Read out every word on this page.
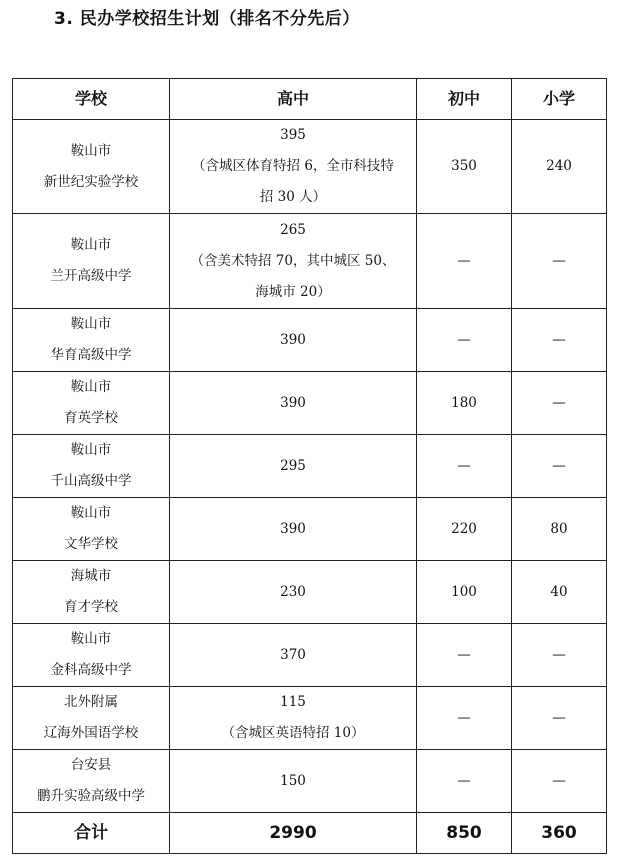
3. 民办学校招生计划（排名不分先后）
学校	高中	初中	小学

鞍山市
新世纪实验学校	395
（含城区体育特招 6，全市科技特
招 30 人）	350	240

鞍山市
兰开高级中学	265
（含美术特招 70，其中城区 50、
海城市 20）	—	—

鞍山市
华育高级中学	390	—	—

鞍山市
育英学校	390	180	—

鞍山市
千山高级中学	295	—	—

鞍山市
文华学校	390	220	80

海城市
育才学校	230	100	40

鞍山市
金科高级中学	370	—	—

北外附属
辽海外国语学校	115
（含城区英语特招 10）	—	—

台安县
鹏升实验高级中学	150	—	—
合计	2990	850	360
